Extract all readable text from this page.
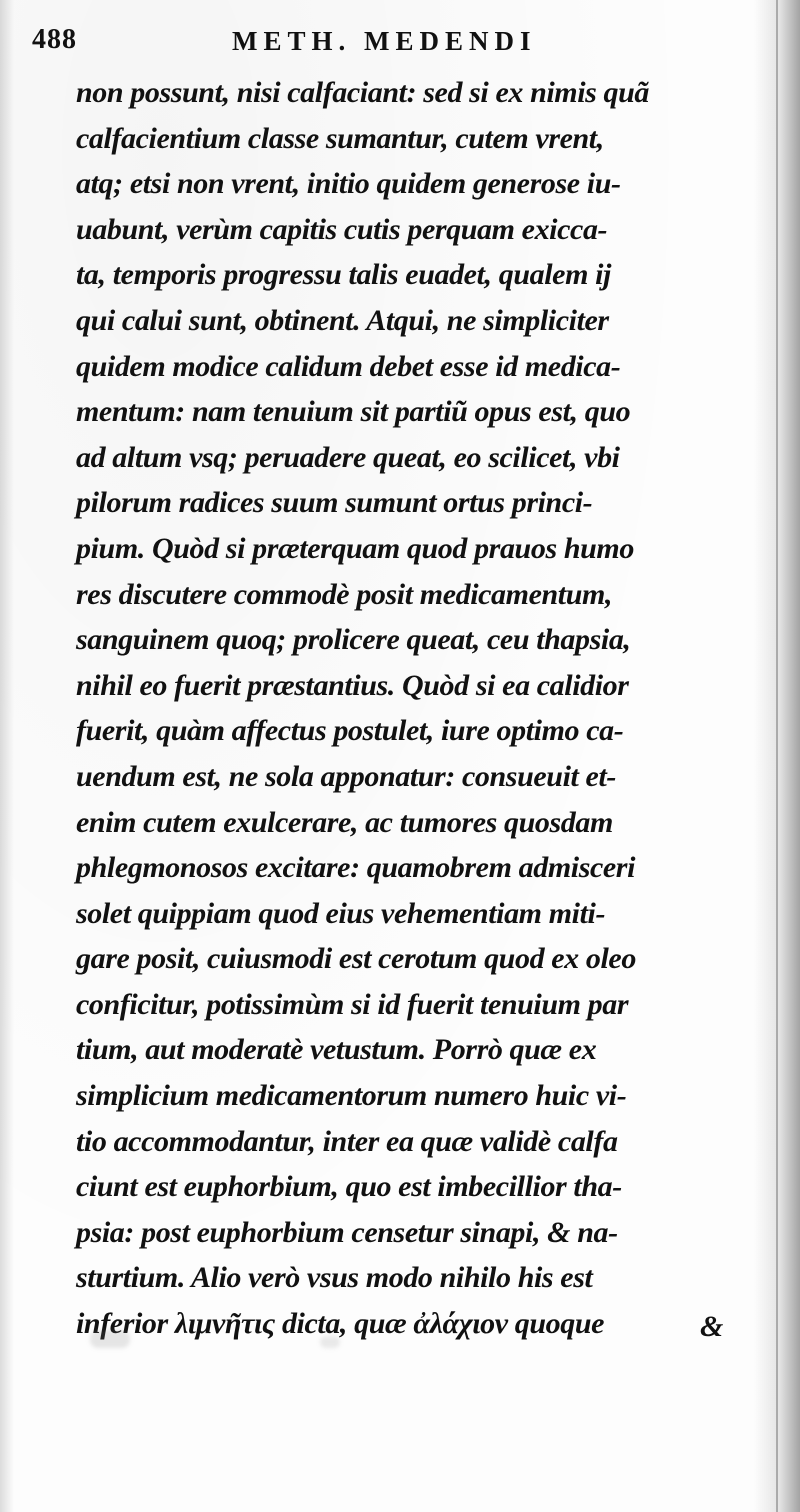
488	METH. MEDENDI
non possunt, nisi calfaciant: sed si ex nimis quã
calfacientium classe sumantur, cutem vrent,
atq; etsi non vrent, initio quidem generose iu-
uabunt, verùm capitis cutis perquam exicca-
ta, temporis progressu talis euadet, qualem ij
qui calui sunt, obtinent. Atqui, ne simpliciter
quidem modice calidum debet esse id medica-
mentum: nam tenuium sit partiũ opus est, quo
ad altum vsq; peruadere queat, eo scilicet, vbi
pilorum radices suum sumunt ortus princi-
pium. Quòd si præterquam quod prauos humo
res discutere commodè posit medicamentum,
sanguinem quoq; prolicere queat, ceu thapsia,
nihil eo fuerit præstantius. Quòd si ea calidior
fuerit, quàm affectus postulet, iure optimo ca-
uendum est, ne sola apponatur: consueuit et-
enim cutem exulcerare, ac tumores quosdam
phlegmonosos excitare: quamobrem admisceri
solet quippiam quod eius vehementiam miti-
gare posit, cuiusmodi est cerotum quod ex oleo
conficitur, potissimùm si id fuerit tenuium par
tium, aut moderatè vetustum. Porrò quæ ex
simplicium medicamentorum numero huic vi-
tio accommodantur, inter ea quæ validè calfa
ciunt est euphorbium, quo est imbecillior tha-
psia: post euphorbium censetur sinapi, & na-
sturtium. Alio verò vsus modo nihilo his est
inferior λιμνῆτις dicta, quæ ἀλάχιον quoque	&
